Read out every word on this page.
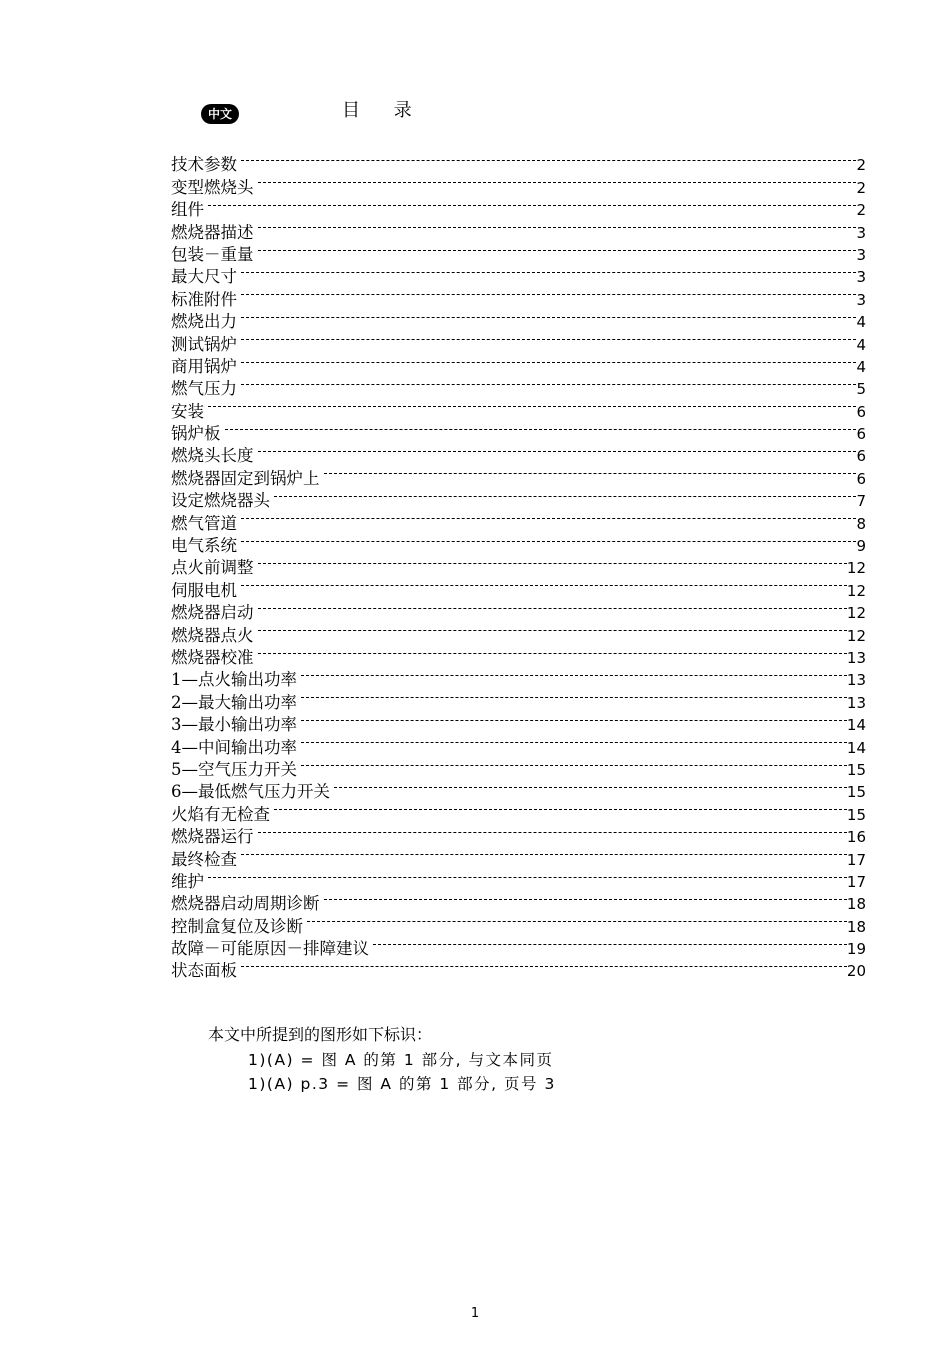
中文	目 录
技术参数	2
变型燃烧头	2
组件	2
燃烧器描述	3
包装－重量	3
最大尺寸	3
标准附件	3
燃烧出力	4
测试锅炉	4
商用锅炉	4
燃气压力	5
安装	6
锅炉板	6
燃烧头长度	6
燃烧器固定到锅炉上	6
设定燃烧器头	7
燃气管道	8
电气系统	9
点火前调整	12
伺服电机	12
燃烧器启动	12
燃烧器点火	12
燃烧器校准	13
1—点火输出功率	13
2—最大输出功率	13
3—最小输出功率	14
4—中间输出功率	14
5—空气压力开关	15
6—最低燃气压力开关	15
火焰有无检查	15
燃烧器运行	16
最终检查	17
维护	17
燃烧器启动周期诊断	18
控制盒复位及诊断	18
故障－可能原因－排障建议	19
状态面板	20
本文中所提到的图形如下标识：
1)(A) = 图 A 的第 1 部分, 与文本同页
1)(A) p.3 = 图 A 的第 1 部分, 页号 3
1
